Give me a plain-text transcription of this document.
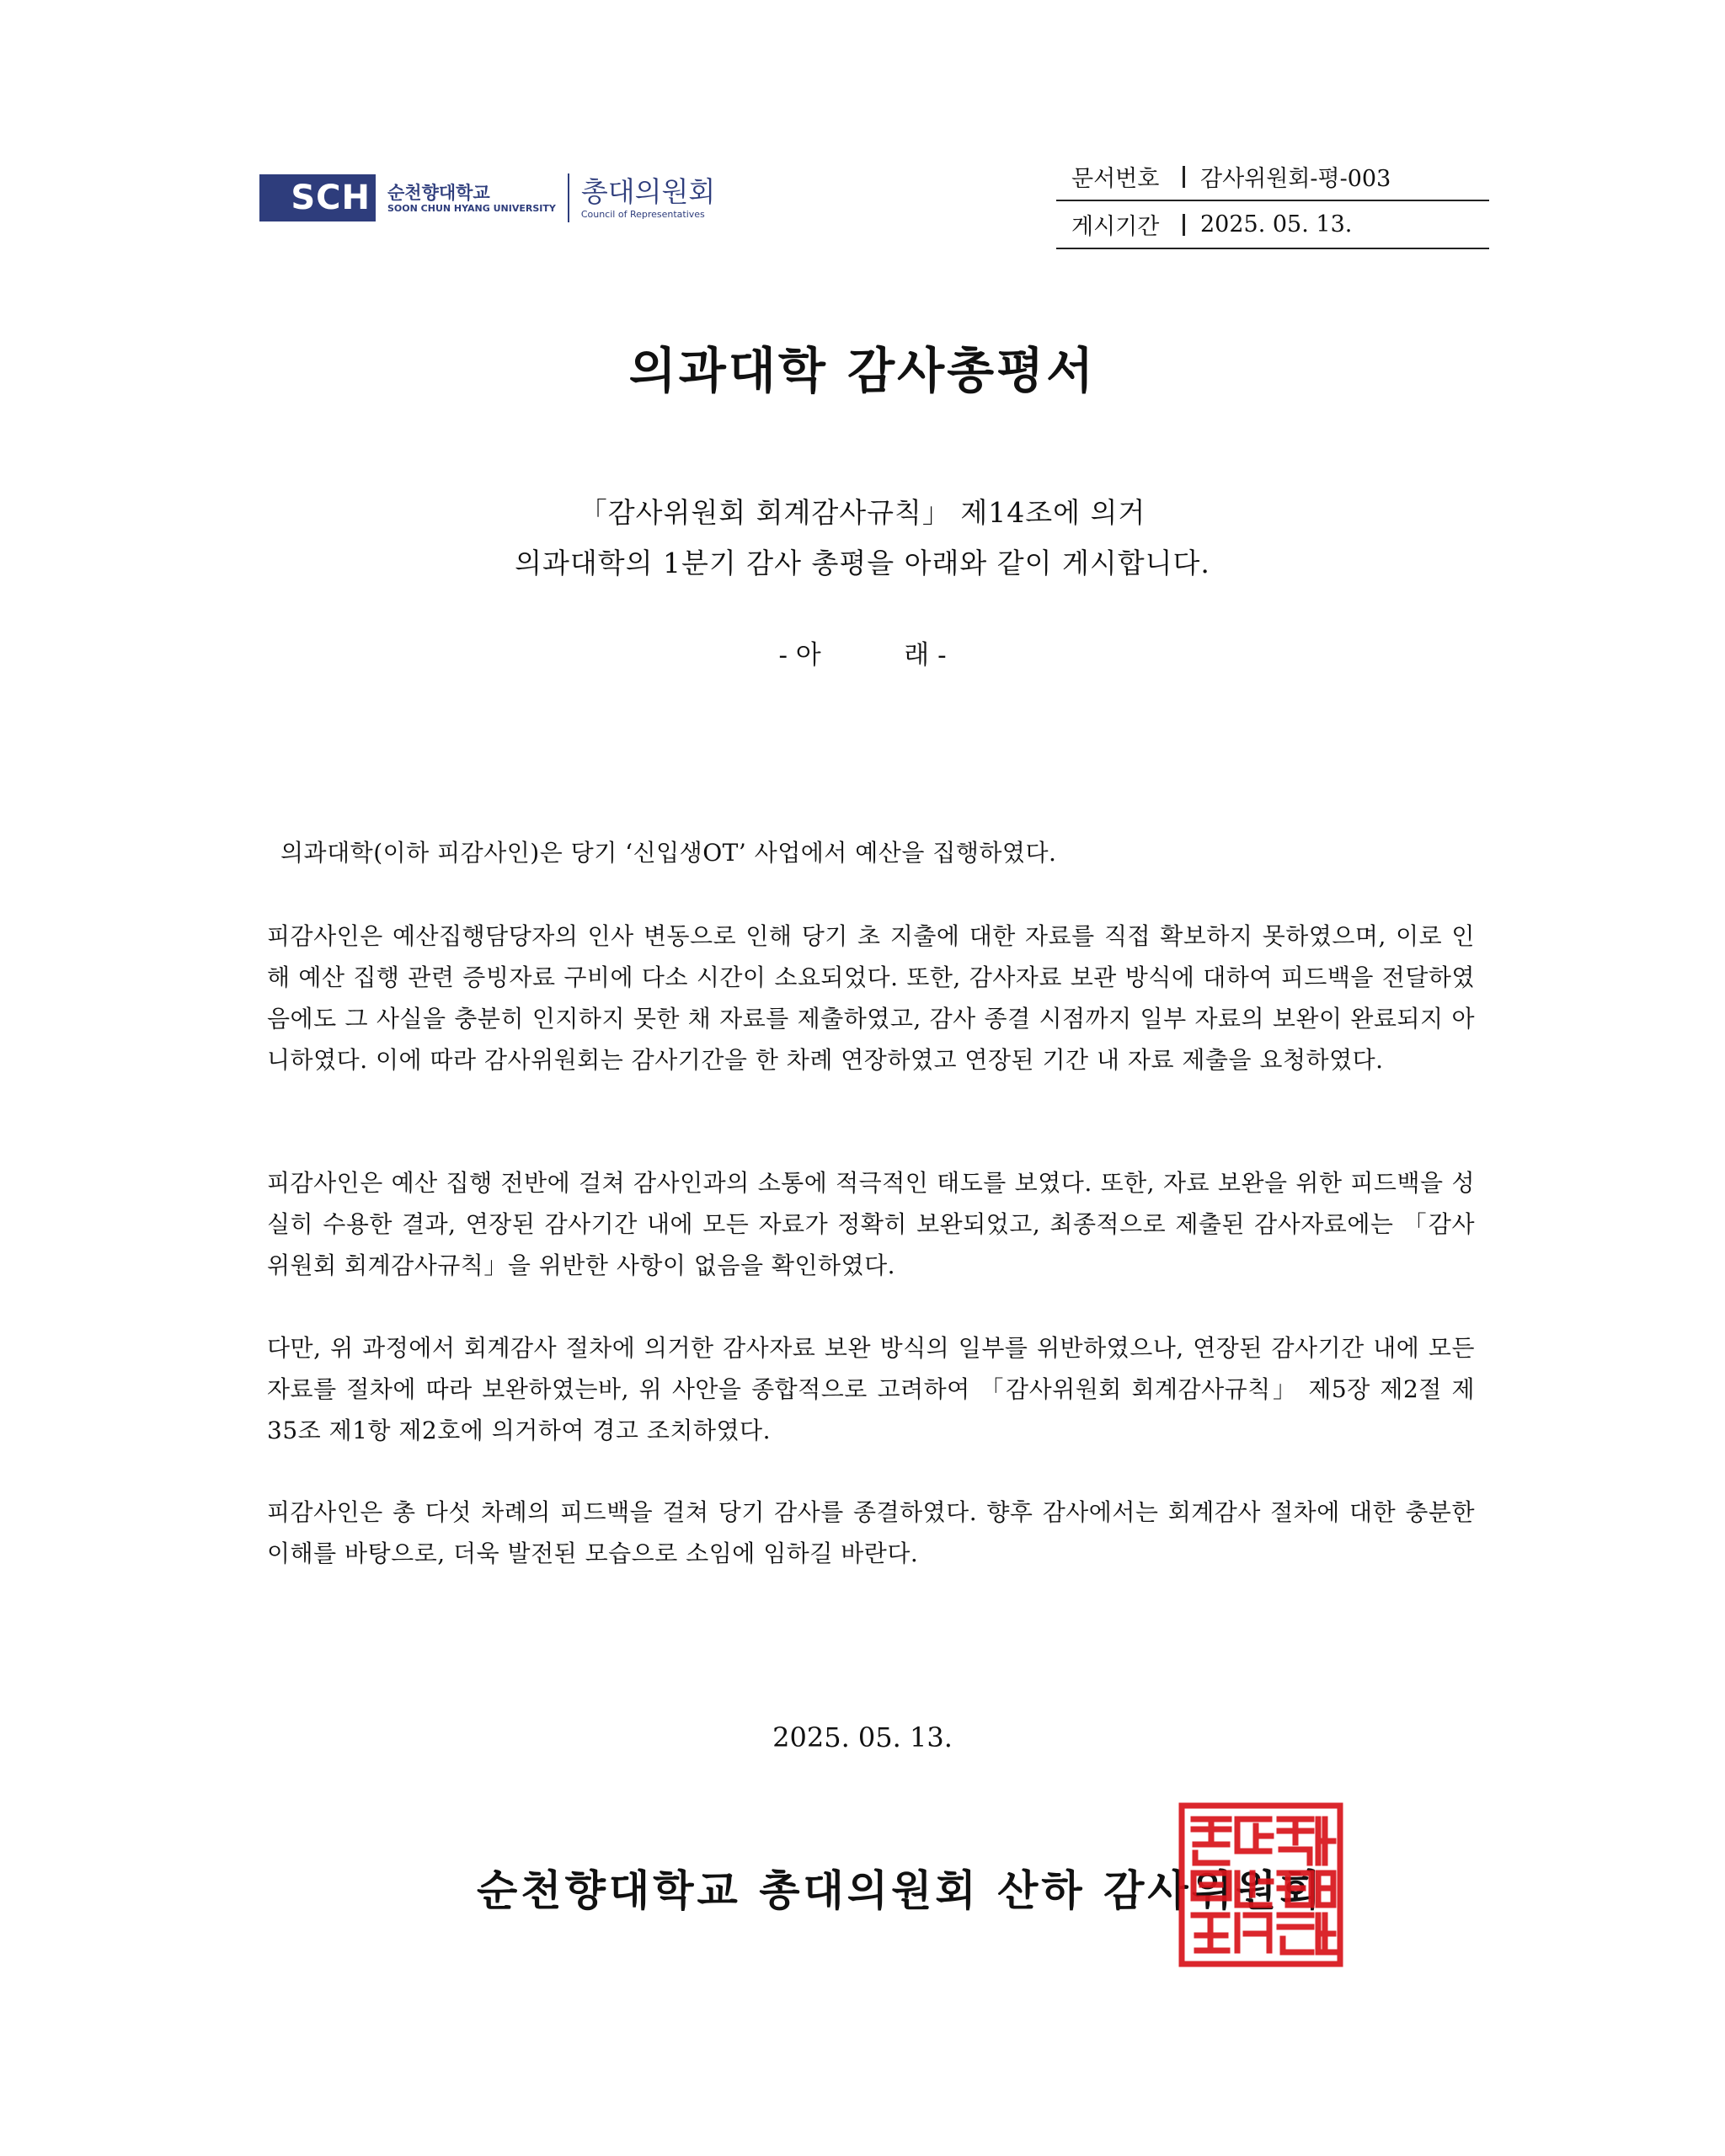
SCH 순천향대학교
SOON CHUN HYANG UNIVERSITY
총대의원회
Council of Representatives
문서번호	감사위원회-평-003
게시기간	2025. 05. 13.
의과대학 감사총평서
「감사위원회 회계감사규칙」 제14조에 의거
의과대학의 1분기 감사 총평을 아래와 같이 게시합니다.
- 아          래 -
의과대학(이하 피감사인)은 당기 ‘신입생OT’ 사업에서 예산을 집행하였다.
피감사인은 예산집행담당자의 인사 변동으로 인해 당기 초 지출에 대한 자료를 직접 확보하지 못하였으며, 이로 인해 예산 집행 관련 증빙자료 구비에 다소 시간이 소요되었다. 또한, 감사자료 보관 방식에 대하여 피드백을 전달하였음에도 그 사실을 충분히 인지하지 못한 채 자료를 제출하였고, 감사 종결 시점까지 일부 자료의 보완이 완료되지 아니하였다. 이에 따라 감사위원회는 감사기간을 한 차례 연장하였고 연장된 기간 내 자료 제출을 요청하였다.
피감사인은 예산 집행 전반에 걸쳐 감사인과의 소통에 적극적인 태도를 보였다. 또한, 자료 보완을 위한 피드백을 성실히 수용한 결과, 연장된 감사기간 내에 모든 자료가 정확히 보완되었고, 최종적으로 제출된 감사자료에는 「감사위원회 회계감사규칙」을 위반한 사항이 없음을 확인하였다.
다만, 위 과정에서 회계감사 절차에 의거한 감사자료 보완 방식의 일부를 위반하였으나, 연장된 감사기간 내에 모든 자료를 절차에 따라 보완하였는바, 위 사안을 종합적으로 고려하여 「감사위원회 회계감사규칙」 제5장 제2절 제35조 제1항 제2호에 의거하여 경고 조치하였다.
피감사인은 총 다섯 차례의 피드백을 걸쳐 당기 감사를 종결하였다. 향후 감사에서는 회계감사 절차에 대한 충분한 이해를 바탕으로, 더욱 발전된 모습으로 소임에 임하길 바란다.
2025. 05. 13.
순천향대학교 총대의원회 산하 감사위원회
